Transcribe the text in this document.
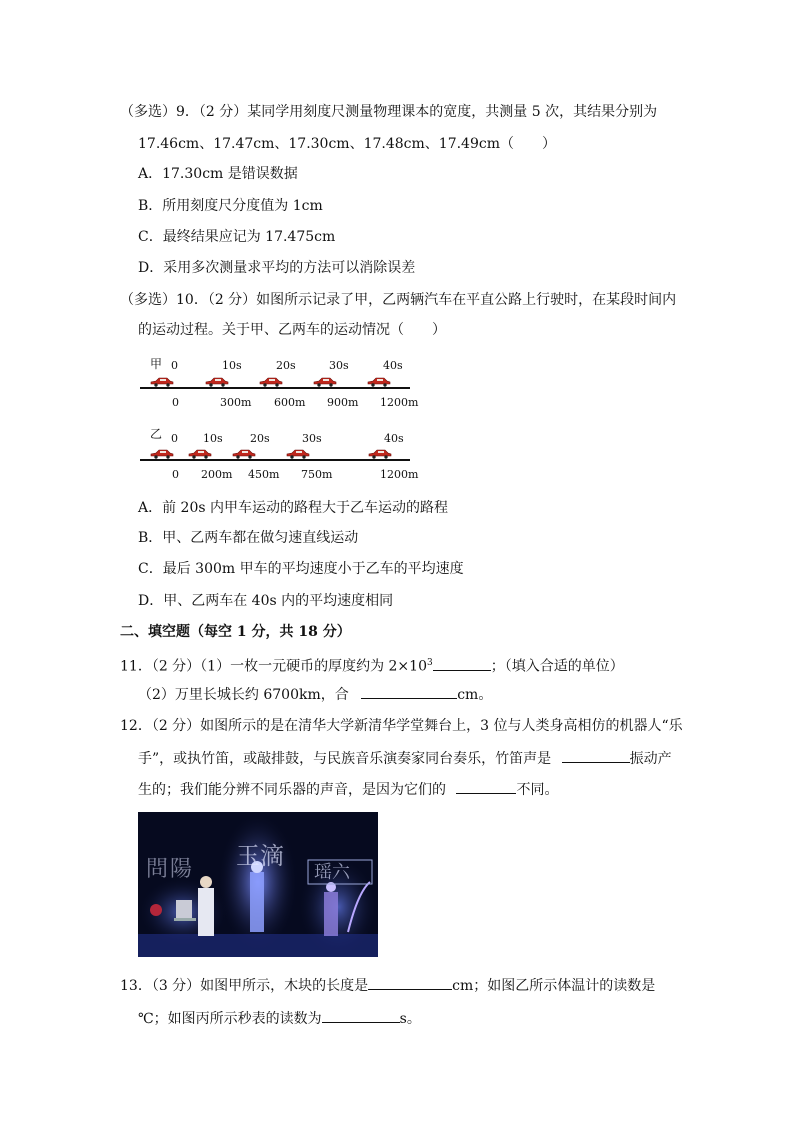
（多选）9．（2 分）某同学用刻度尺测量物理课本的宽度，共测量 5 次，其结果分别为
17.46cm、17.47cm、17.30cm、17.48cm、17.49cm（　　）
A．17.30cm 是错误数据
B．所用刻度尺分度值为 1cm
C．最终结果应记为 17.475cm
D．采用多次测量求平均的方法可以消除误差
（多选）10．（2 分）如图所示记录了甲，乙两辆汽车在平直公路上行驶时，在某段时间内
的运动过程。关于甲、乙两车的运动情况（　　）
甲 0	10s	20s	30s	40s
0	300m 600m 900m 1200m
乙 0 10s 20s	30s	40s
0 200m 450m 750m	1200m
A．前 20s 内甲车运动的路程大于乙车运动的路程
B．甲、乙两车都在做匀速直线运动
C．最后 300m 甲车的平均速度小于乙车的平均速度
D．甲、乙两车在 40s 内的平均速度相同
二、填空题（每空 1 分，共 18 分）
11．（2 分）（1）一枚一元硬币的厚度约为 $2\times 10^3$	；（填入合适的单位）
（2）万里长城长约 6700km，合	cm。
12．（2 分）如图所示的是在清华大学新清华学堂舞台上，3 位与人类身高相仿的机器人“乐
手”，或执竹笛，或敲排鼓，与民族音乐演奏家同台奏乐，竹笛声是	振动产
生的；我们能分辨不同乐器的声音，是因为它们的	不同。
問陽 玉滴
瑶六
13．（3 分）如图甲所示，木块的长度是	cm；如图乙所示体温计的读数是
℃；如图丙所示秒表的读数为	s。
